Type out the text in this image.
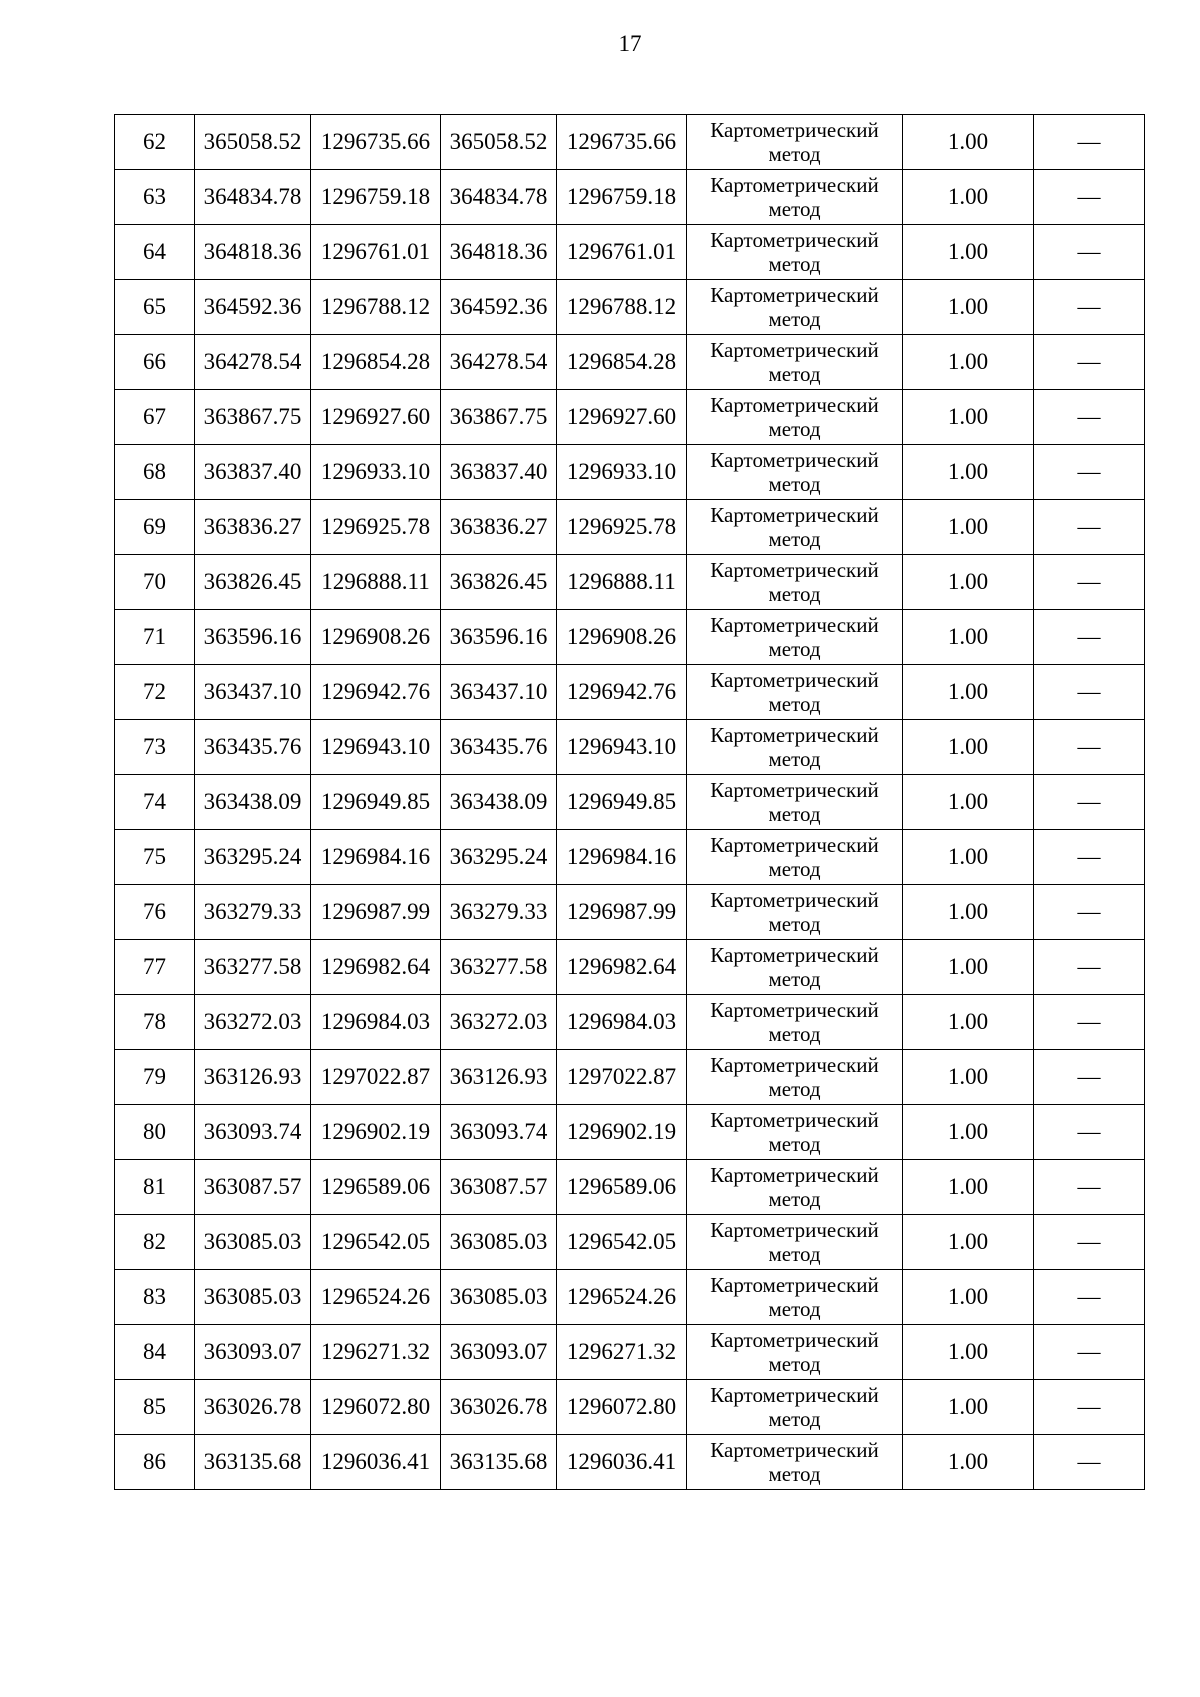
17
62	365058.52	1296735.66	365058.52	1296735.66	Картометрический
метод	1.00	—
63	364834.78	1296759.18	364834.78	1296759.18	Картометрический
метод	1.00	—
64	364818.36	1296761.01	364818.36	1296761.01	Картометрический
метод	1.00	—
65	364592.36	1296788.12	364592.36	1296788.12	Картометрический
метод	1.00	—
66	364278.54	1296854.28	364278.54	1296854.28	Картометрический
метод	1.00	—
67	363867.75	1296927.60	363867.75	1296927.60	Картометрический
метод	1.00	—
68	363837.40	1296933.10	363837.40	1296933.10	Картометрический
метод	1.00	—
69	363836.27	1296925.78	363836.27	1296925.78	Картометрический
метод	1.00	—
70	363826.45	1296888.11	363826.45	1296888.11	Картометрический
метод	1.00	—
71	363596.16	1296908.26	363596.16	1296908.26	Картометрический
метод	1.00	—
72	363437.10	1296942.76	363437.10	1296942.76	Картометрический
метод	1.00	—
73	363435.76	1296943.10	363435.76	1296943.10	Картометрический
метод	1.00	—
74	363438.09	1296949.85	363438.09	1296949.85	Картометрический
метод	1.00	—
75	363295.24	1296984.16	363295.24	1296984.16	Картометрический
метод	1.00	—
76	363279.33	1296987.99	363279.33	1296987.99	Картометрический
метод	1.00	—
77	363277.58	1296982.64	363277.58	1296982.64	Картометрический
метод	1.00	—
78	363272.03	1296984.03	363272.03	1296984.03	Картометрический
метод	1.00	—
79	363126.93	1297022.87	363126.93	1297022.87	Картометрический
метод	1.00	—
80	363093.74	1296902.19	363093.74	1296902.19	Картометрический
метод	1.00	—
81	363087.57	1296589.06	363087.57	1296589.06	Картометрический
метод	1.00	—
82	363085.03	1296542.05	363085.03	1296542.05	Картометрический
метод	1.00	—
83	363085.03	1296524.26	363085.03	1296524.26	Картометрический
метод	1.00	—
84	363093.07	1296271.32	363093.07	1296271.32	Картометрический
метод	1.00	—
85	363026.78	1296072.80	363026.78	1296072.80	Картометрический
метод	1.00	—
86	363135.68	1296036.41	363135.68	1296036.41	Картометрический
метод	1.00	—
